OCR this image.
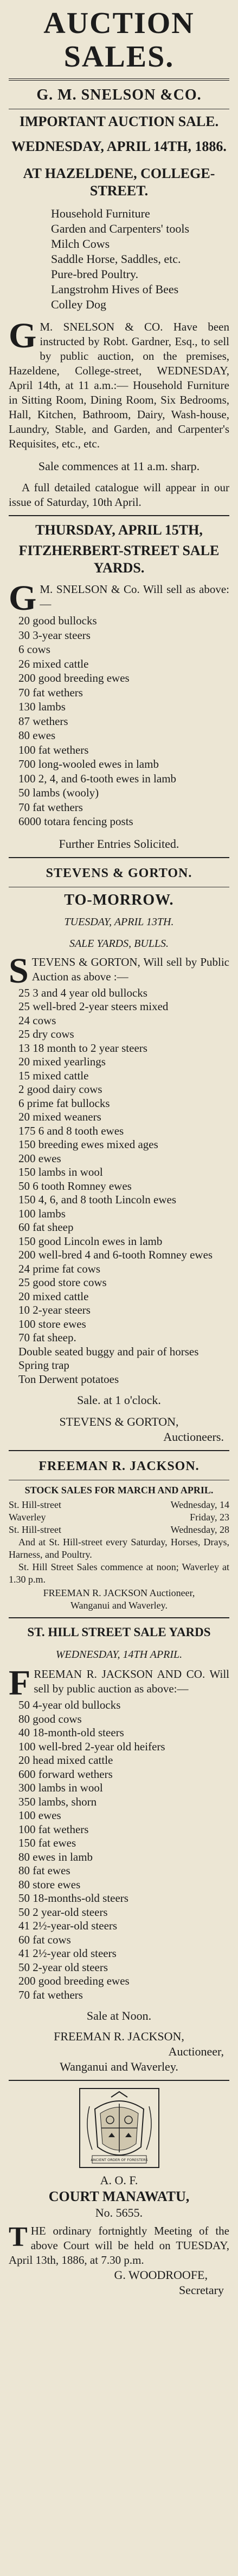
AUCTION SALES.
G. M. SNELSON &CO.
IMPORTANT AUCTION SALE.
WEDNESDAY, APRIL 14TH, 1886.
AT HAZELDENE, COLLEGE-STREET.
Household Furniture
Garden and Carpenters' tools
Milch Cows
Saddle Horse, Saddles, etc.
Pure-bred Poultry.
Langstrohm Hives of Bees
Colley Dog
G M. SNELSON & CO. Have been instructed by Robt. Gardner, Esq., to sell by public auction, on the premises, Hazeldene, College-street, WEDNESDAY, April 14th, at 11 a.m.:— Household Furniture in Sitting Room, Dining Room, Six Bedrooms, Hall, Kitchen, Bathroom, Dairy, Wash-house, Laundry, Stable, and Garden, and Carpenter's Requisites, etc., etc.
Sale commences at 11 a.m. sharp.
A full detailed catalogue will appear in our issue of Saturday, 10th April.
THURSDAY, APRIL 15TH,
FITZHERBERT-STREET SALE YARDS.
G M. SNELSON & Co. Will sell as above:—
20 good bullocks
30 3-year steers
6 cows
26 mixed cattle
200 good breeding ewes
70 fat wethers
130 lambs
87 wethers
80 ewes
100 fat wethers
700 long-wooled ewes in lamb
100 2, 4, and 6-tooth ewes in lamb
50 lambs (wooly)
70 fat wethers
6000 totara fencing posts
Further Entries Solicited.
STEVENS & GORTON.
TO-MORROW.
TUESDAY, APRIL 13TH.
SALE YARDS, BULLS.
STEVENS & GORTON, Will sell by Public Auction as above :—
25 3 and 4 year old bullocks
25 well-bred 2-year steers mixed
24 cows
25 dry cows
13 18 month to 2 year steers
20 mixed yearlings
15 mixed cattle
2 good dairy cows
6 prime fat bullocks
20 mixed weaners
175 6 and 8 tooth ewes
150 breeding ewes mixed ages
200 ewes
150 lambs in wool
50 6 tooth Romney ewes
150 4, 6, and 8 tooth Lincoln ewes
100 lambs
60 fat sheep
150 good Lincoln ewes in lamb
200 well-bred 4 and 6-tooth Romney ewes
24 prime fat cows
25 good store cows
20 mixed cattle
10 2-year steers
100 store ewes
70 fat sheep.
Double seated buggy and pair of horses
Spring trap
Ton Derwent potatoes
Sale. at 1 o'clock.
STEVENS & GORTON,
Auctioneers.
FREEMAN R. JACKSON.
STOCK SALES FOR MARCH AND APRIL.
St. Hill-street	Wednesday, 14
Waverley	Friday, 23
St. Hill-street	Wednesday, 28
And at St. Hill-street every Saturday, Horses, Drays, Harness, and Poultry.
St. Hill Street Sales commence at noon; Waverley at 1.30 p.m.
FREEMAN R. JACKSON Auctioneer,
Wanganui and Waverley.
ST. HILL STREET SALE YARDS
WEDNESDAY, 14TH APRIL.
FREEMAN R. JACKSON AND CO. Will sell by public auction as above:—
50 4-year old bullocks
80 good cows
40 18-month-old steers
100 well-bred 2-year old heifers
20 head mixed cattle
600 forward wethers
300 lambs in wool
350 lambs, shorn
100 ewes
100 fat wethers
150 fat ewes
80 ewes in lamb
80 fat ewes
80 store ewes
50 18-months-old steers
50 2 year-old steers
41 2½-year-old steers
60 fat cows
41 2½-year old steers
50 2-year old steers
200 good breeding ewes
70 fat wethers
Sale at Noon.
FREEMAN R. JACKSON,
Auctioneer,
Wanganui and Waverley.
ANCIENT ORDER OF FORESTERS
A. O. F.
COURT MANAWATU,
No. 5655.
THE ordinary fortnightly Meeting of the above Court will be held on TUESDAY, April 13th, 1886, at 7.30 p.m.
G. WOODROOFE,
Secretary
